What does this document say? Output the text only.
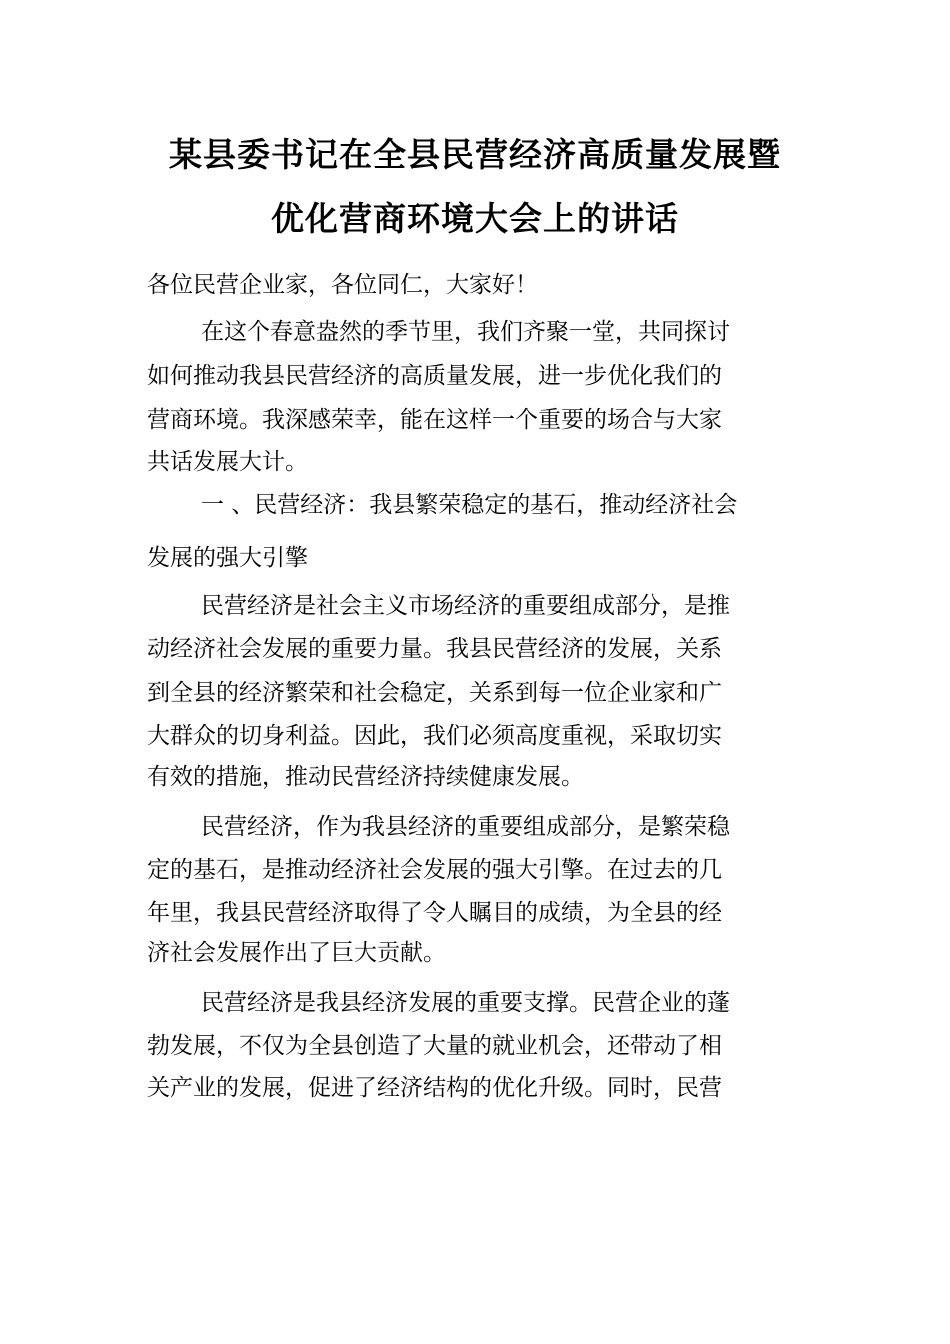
某县委书记在全县民营经济高质量发展暨
优化营商环境大会上的讲话
各位民营企业家，各位同仁，大家好！
在这个春意盎然的季节里，我们齐聚一堂，共同探讨
如何推动我县民营经济的高质量发展，进一步优化我们的
营商环境。我深感荣幸，能在这样一个重要的场合与大家
共话发展大计。
一 、民营经济：我县繁荣稳定的基石，推动经济社会
发展的强大引擎
民营经济是社会主义市场经济的重要组成部分，是推
动经济社会发展的重要力量。我县民营经济的发展，关系
到全县的经济繁荣和社会稳定，关系到每一位企业家和广
大群众的切身利益。因此，我们必须高度重视，采取切实
有效的措施，推动民营经济持续健康发展。
民营经济，作为我县经济的重要组成部分，是繁荣稳
定的基石，是推动经济社会发展的强大引擎。在过去的几
年里，我县民营经济取得了令人瞩目的成绩，为全县的经
济社会发展作出了巨大贡献。
民营经济是我县经济发展的重要支撑。民营企业的蓬
勃发展，不仅为全县创造了大量的就业机会，还带动了相
关产业的发展，促进了经济结构的优化升级。同时，民营
